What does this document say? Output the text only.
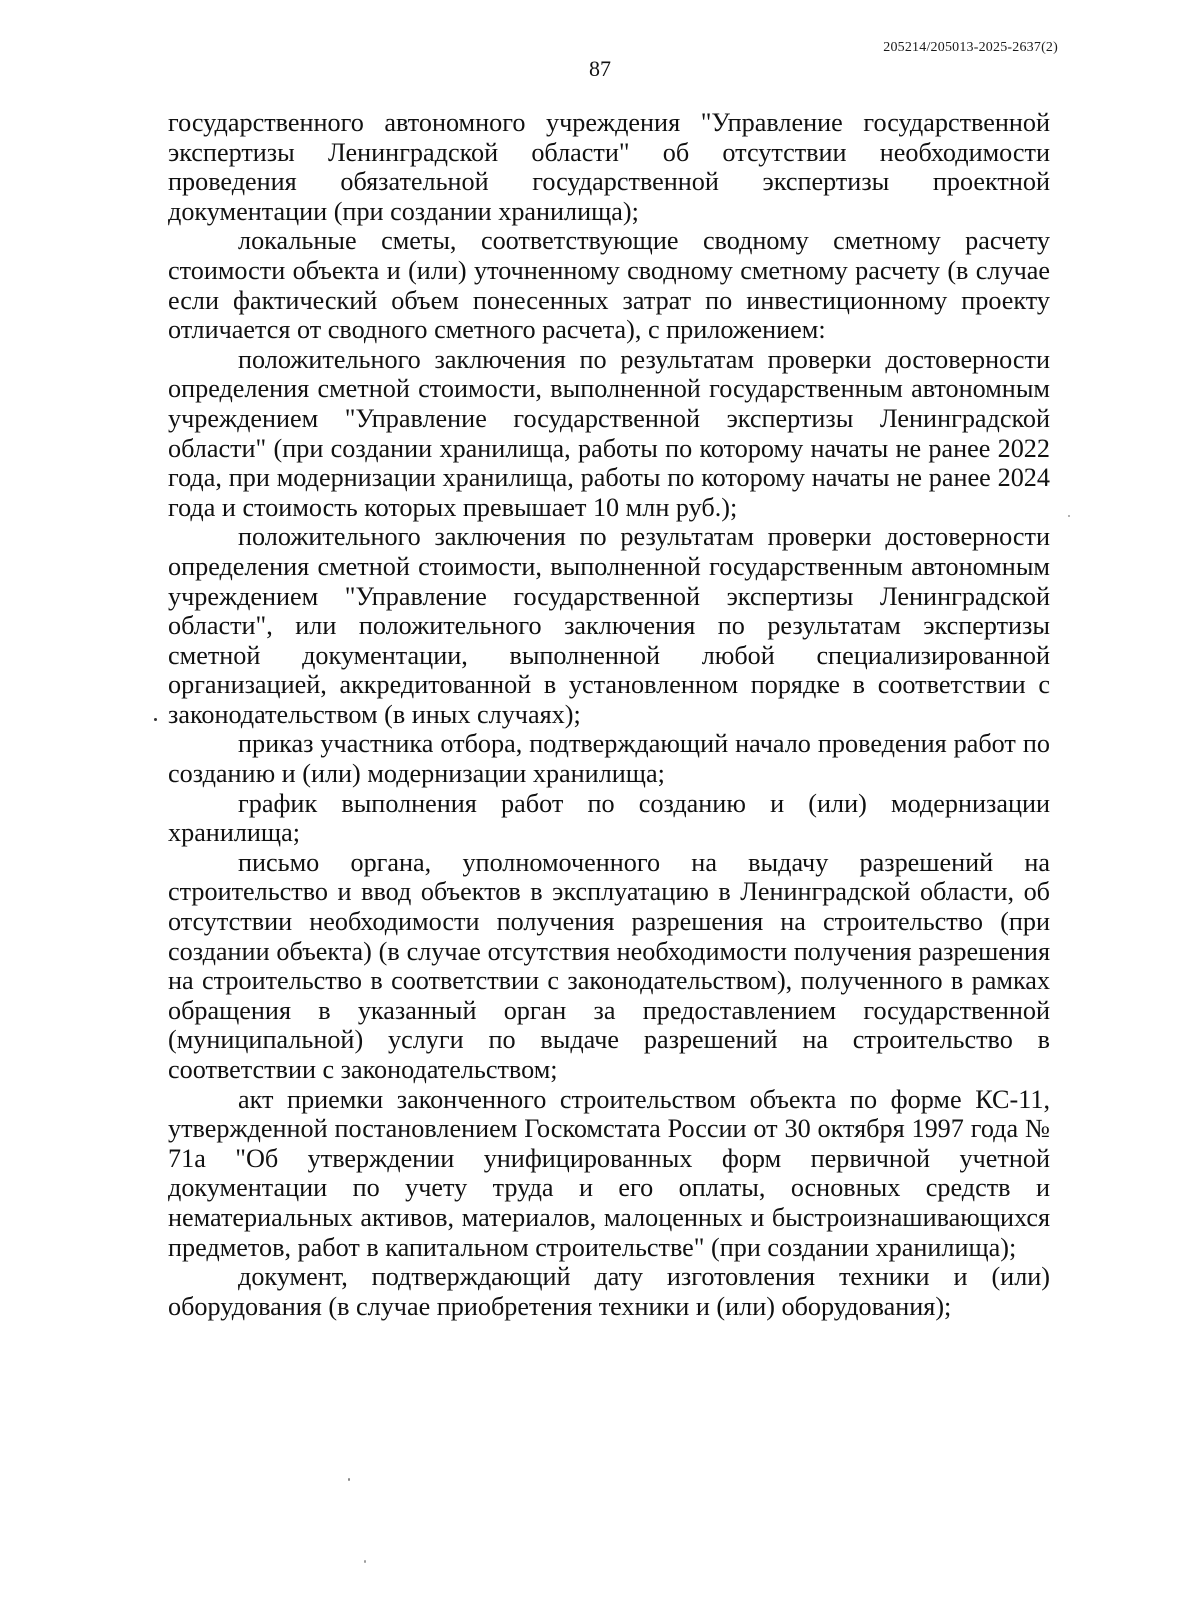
205214/205013-2025-2637(2)
87

государственного автономного учреждения "Управление государственной экспертизы Ленинградской области" об отсутствии необходимости проведения обязательной государственной экспертизы проектной документации (при создании хранилища);

локальные сметы, соответствующие сводному сметному расчету стоимости объекта и (или) уточненному сводному сметному расчету (в случае если фактический объем понесенных затрат по инвестиционному проекту отличается от сводного сметного расчета), с приложением:

положительного заключения по результатам проверки достоверности определения сметной стоимости, выполненной государственным автономным учреждением "Управление государственной экспертизы Ленинградской области" (при создании хранилища, работы по которому начаты не ранее 2022 года, при модернизации хранилища, работы по которому начаты не ранее 2024 года и стоимость которых превышает 10 млн руб.);

положительного заключения по результатам проверки достоверности определения сметной стоимости, выполненной государственным автономным учреждением "Управление государственной экспертизы Ленинградской области", или положительного заключения по результатам экспертизы сметной документации, выполненной любой специализированной организацией, аккредитованной в установленном порядке в соответствии с законодательством (в иных случаях);

приказ участника отбора, подтверждающий начало проведения работ по созданию и (или) модернизации хранилища;

график выполнения работ по созданию и (или) модернизации хранилища;

письмо органа, уполномоченного на выдачу разрешений на строительство и ввод объектов в эксплуатацию в Ленинградской области, об отсутствии необходимости получения разрешения на строительство (при создании объекта) (в случае отсутствия необходимости получения разрешения на строительство в соответствии с законодательством), полученного в рамках обращения в указанный орган за предоставлением государственной (муниципальной) услуги по выдаче разрешений на строительство в соответствии с законодательством;

акт приемки законченного строительством объекта по форме КС-11, утвержденной постановлением Госкомстата России от 30 октября 1997 года № 71а "Об утверждении унифицированных форм первичной учетной документации по учету труда и его оплаты, основных средств и нематериальных активов, материалов, малоценных и быстроизнашивающихся предметов, работ в капитальном строительстве" (при создании хранилища);

документ, подтверждающий дату изготовления техники и (или) оборудования (в случае приобретения техники и (или) оборудования);
